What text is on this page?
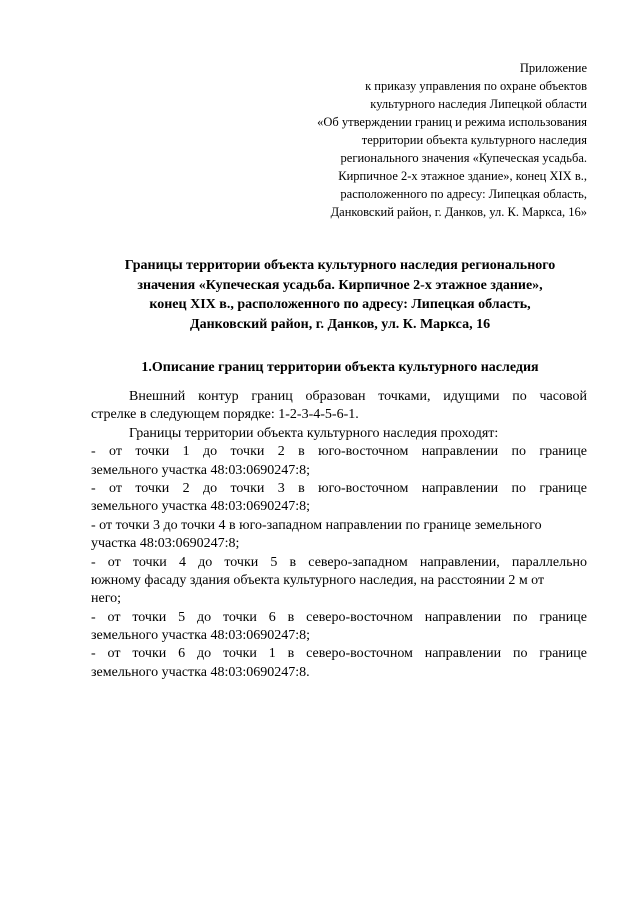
Приложение
к приказу управления по охране объектов
культурного наследия Липецкой области
«Об утверждении границ и режима использования
территории объекта культурного наследия
регионального значения «Купеческая усадьба.
Кирпичное 2-х этажное здание», конец XIX в.,
расположенного по адресу: Липецкая область,
Данковский район, г. Данков, ул. К. Маркса, 16»
Границы территории объекта культурного наследия регионального
значения «Купеческая усадьба. Кирпичное 2-х этажное здание»,
конец XIX в., расположенного по адресу: Липецкая область,
Данковский район, г. Данков, ул. К. Маркса, 16
1.Описание границ территории объекта культурного наследия
Внешний контур границ образован точками, идущими по часовой
стрелке в следующем порядке: 1-2-3-4-5-6-1.
Границы территории объекта культурного наследия проходят:
- от точки 1 до точки 2 в юго-восточном направлении по границе
земельного участка 48:03:0690247:8;
- от точки 2 до точки 3 в юго-восточном направлении по границе
земельного участка 48:03:0690247:8;
- от точки 3 до точки 4 в юго-западном направлении по границе земельного
участка 48:03:0690247:8;
- от точки 4 до точки 5 в северо-западном направлении, параллельно
южному фасаду здания объекта культурного наследия, на расстоянии 2 м от
него;
- от точки 5 до точки 6 в северо-восточном направлении по границе
земельного участка 48:03:0690247:8;
- от точки 6 до точки 1 в северо-восточном направлении по границе
земельного участка 48:03:0690247:8.
